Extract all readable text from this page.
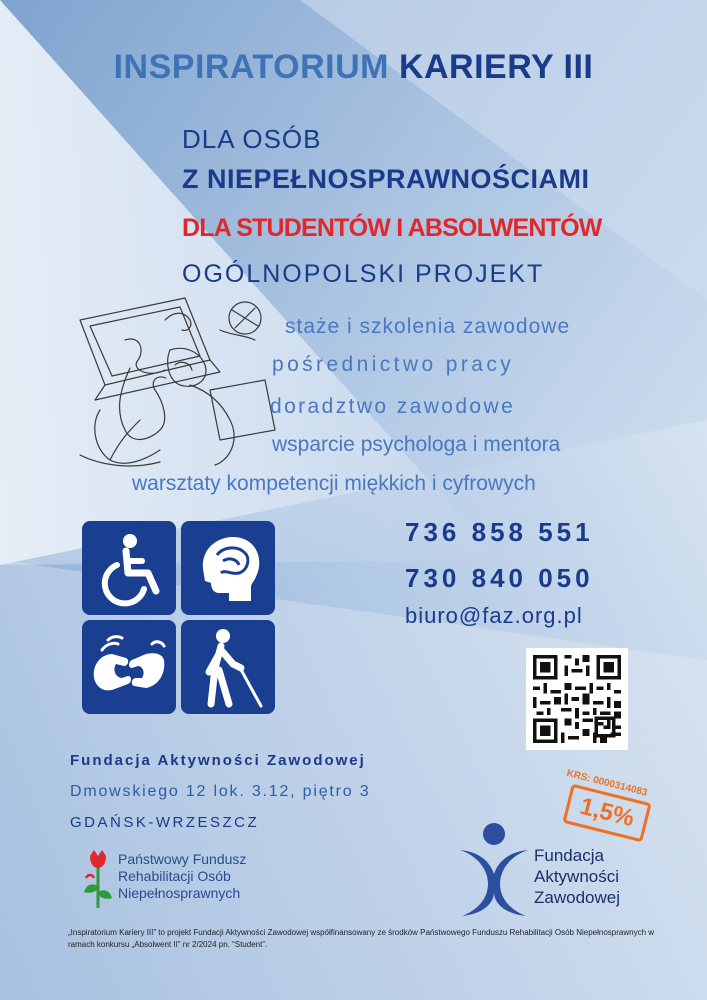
INSPIRATORIUM KARIERY III
DLA OSÓB
Z NIEPEŁNOSPRAWNOŚCIAMI
DLA STUDENTÓW I ABSOLWENTÓW
OGÓLNOPOLSKI PROJEKT
staże i szkolenia zawodowe
pośrednictwo pracy
doradztwo zawodowe
wsparcie psychologa i mentora
warsztaty kompetencji miękkich i cyfrowych
736 858 551
730 840 050
biuro@faz.org.pl
Fundacja Aktywności Zawodowej
Dmowskiego 12 lok. 3.12, piętro 3
GDAŃSK-WRZESZCZ
KRS: 0000314083
1,5%
Państwowy Fundusz
Rehabilitacji Osób
Niepełnosprawnych
Fundacja
Aktywności
Zawodowej
„Inspiratorium Kariery III” to projekt Fundacji Aktywności Zawodowej współfinansowany ze środków Państwowego Funduszu Rehabilitacji Osób Niepełnosprawnych w ramach konkursu „Absolwent II” nr 2/2024 pn. “Student”.
